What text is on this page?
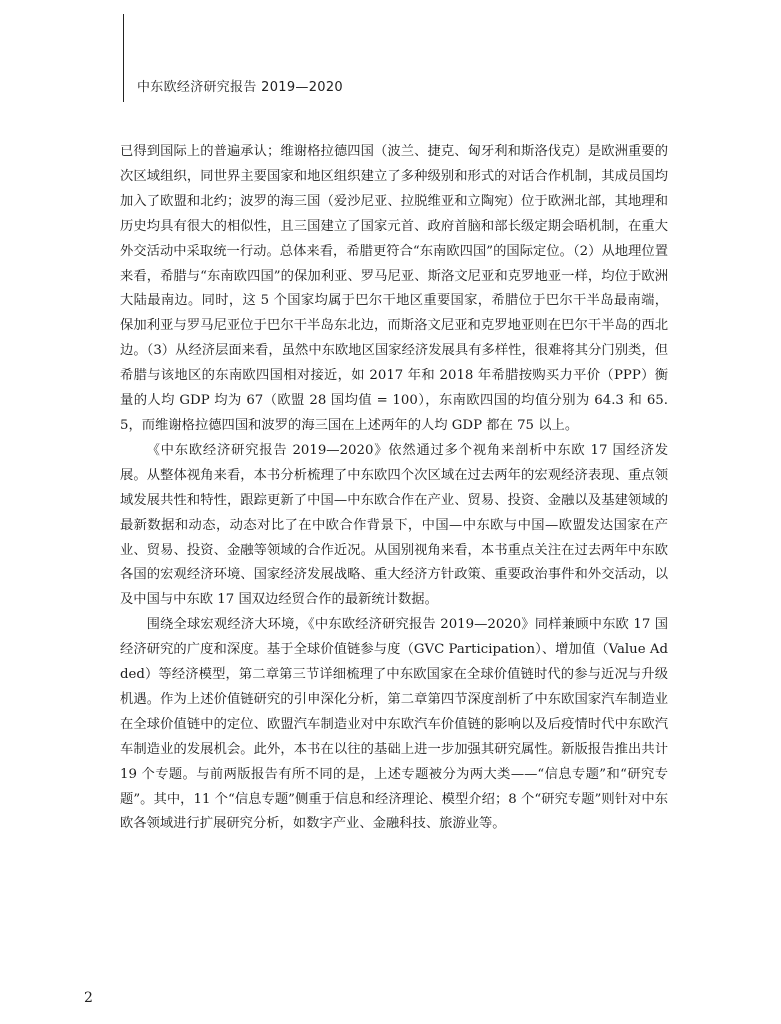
中东欧经济研究报告 2019—2020

已得到国际上的普遍承认；维谢格拉德四国（波兰、捷克、匈牙利和斯洛伐克）是欧洲重要的次区域组织，同世界主要国家和地区组织建立了多种级别和形式的对话合作机制，其成员国均加入了欧盟和北约；波罗的海三国（爱沙尼亚、拉脱维亚和立陶宛）位于欧洲北部，其地理和历史均具有很大的相似性，且三国建立了国家元首、政府首脑和部长级定期会晤机制，在重大外交活动中采取统一行动。总体来看，希腊更符合“东南欧四国”的国际定位。（2）从地理位置来看，希腊与“东南欧四国”的保加利亚、罗马尼亚、斯洛文尼亚和克罗地亚一样，均位于欧洲大陆最南边。同时，这 5 个国家均属于巴尔干地区重要国家，希腊位于巴尔干半岛最南端，保加利亚与罗马尼亚位于巴尔干半岛东北边，而斯洛文尼亚和克罗地亚则在巴尔干半岛的西北边。（3）从经济层面来看，虽然中东欧地区国家经济发展具有多样性，很难将其分门别类，但希腊与该地区的东南欧四国相对接近，如 2017 年和 2018 年希腊按购买力平价（PPP）衡量的人均 GDP 均为 67（欧盟 28 国均值 = 100），东南欧四国的均值分别为 64.3 和 65.5，而维谢格拉德四国和波罗的海三国在上述两年的人均 GDP 都在 75 以上。

《中东欧经济研究报告 2019—2020》依然通过多个视角来剖析中东欧 17 国经济发展。从整体视角来看，本书分析梳理了中东欧四个次区域在过去两年的宏观经济表现、重点领域发展共性和特性，跟踪更新了中国—中东欧合作在产业、贸易、投资、金融以及基建领域的最新数据和动态，动态对比了在中欧合作背景下，中国—中东欧与中国—欧盟发达国家在产业、贸易、投资、金融等领域的合作近况。从国别视角来看，本书重点关注在过去两年中东欧各国的宏观经济环境、国家经济发展战略、重大经济方针政策、重要政治事件和外交活动，以及中国与中东欧 17 国双边经贸合作的最新统计数据。

围绕全球宏观经济大环境，《中东欧经济研究报告 2019—2020》同样兼顾中东欧 17 国经济研究的广度和深度。基于全球价值链参与度（GVC Participation）、增加值（Value Added）等经济模型，第二章第三节详细梳理了中东欧国家在全球价值链时代的参与近况与升级机遇。作为上述价值链研究的引申深化分析，第二章第四节深度剖析了中东欧国家汽车制造业在全球价值链中的定位、欧盟汽车制造业对中东欧汽车价值链的影响以及后疫情时代中东欧汽车制造业的发展机会。此外，本书在以往的基础上进一步加强其研究属性。新版报告推出共计 19 个专题。与前两版报告有所不同的是，上述专题被分为两大类——“信息专题”和“研究专题”。其中，11 个“信息专题”侧重于信息和经济理论、模型介绍；8 个“研究专题”则针对中东欧各领域进行扩展研究分析，如数字产业、金融科技、旅游业等。

2
